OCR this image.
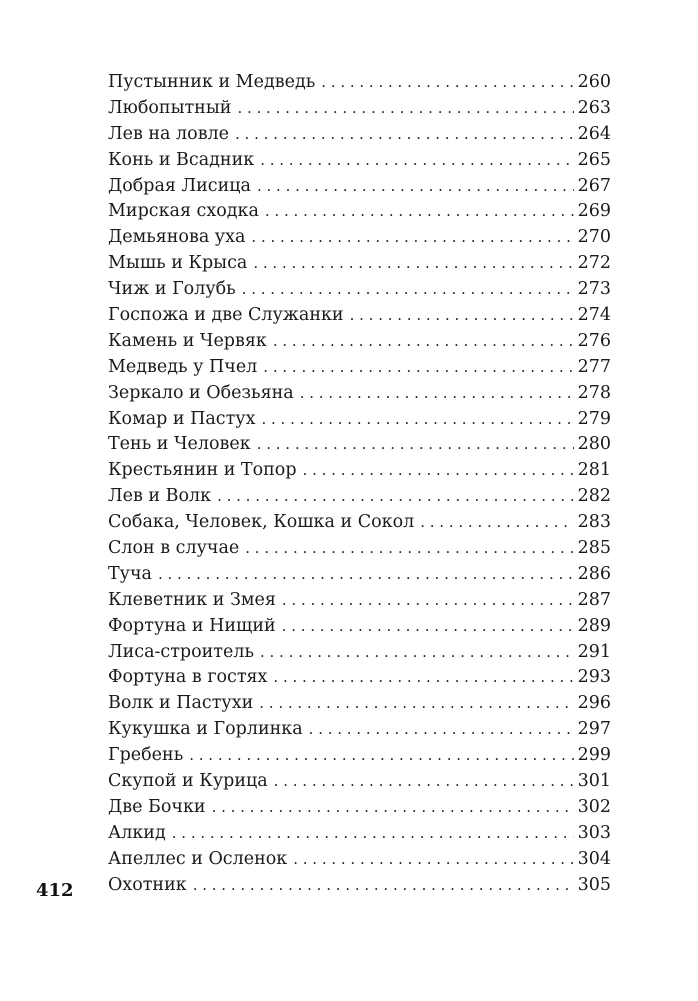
Пустынник и Медведь . . .	260
Любопытный . . .	263
Лев на ловле . . .	264
Конь и Всадник . . .	265
Добрая Лисица . . .	267
Мирская сходка . . .	269
Демьянова уха . . .	270
Мышь и Крыса . . .	272
Чиж и Голубь . . .	273
Госпожа и две Служанки . . .	274
Камень и Червяк . . .	276
Медведь у Пчел . . .	277
Зеркало и Обезьяна . . .	278
Комар и Пастух . . .	279
Тень и Человек . . .	280
Крестьянин и Топор . . .	281
Лев и Волк . . .	282
Собака, Человек, Кошка и Сокол . . .	283
Слон в случае . . .	285
Туча . . .	286
Клеветник и Змея . . .	287
Фортуна и Нищий . . .	289
Лиса-строитель . . .	291
Фортуна в гостях . . .	293
Волк и Пастухи . . .	296
Кукушка и Горлинка . . .	297
Гребень . . .	299
Скупой и Курица . . .	301
Две Бочки . . .	302
Алкид . . .	303
Апеллес и Осленок . . .	304
Охотник . . .	305
412
